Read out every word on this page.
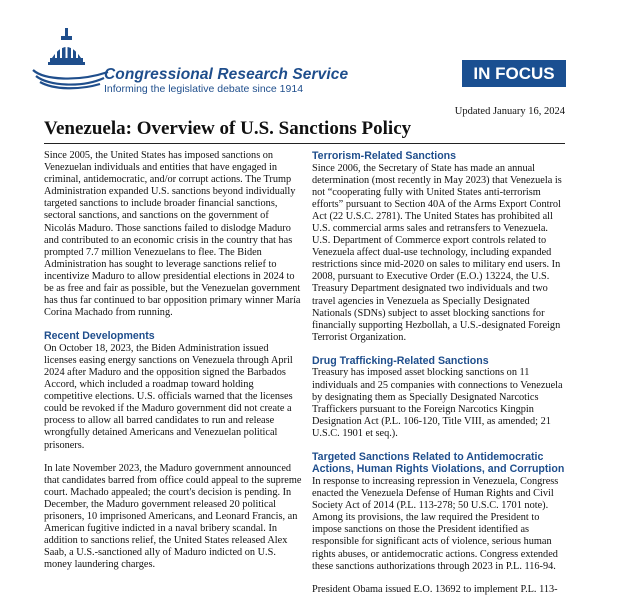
Congressional Research Service
Informing the legislative debate since 1914
IN FOCUS
Updated January 16, 2024
Venezuela: Overview of U.S. Sanctions Policy

Since 2005, the United States has imposed sanctions on Venezuelan individuals and entities that have engaged in criminal, antidemocratic, and/or corrupt actions. The Trump Administration expanded U.S. sanctions beyond individually targeted sanctions to include broader financial sanctions, sectoral sanctions, and sanctions on the government of Nicolás Maduro. Those sanctions failed to dislodge Maduro and contributed to an economic crisis in the country that has prompted 7.7 million Venezuelans to flee. The Biden Administration has sought to leverage sanctions relief to incentivize Maduro to allow presidential elections in 2024 to be as free and fair as possible, but the Venezuelan government has thus far continued to bar opposition primary winner María Corina Machado from running.

Recent Developments

On October 18, 2023, the Biden Administration issued licenses easing energy sanctions on Venezuela through April 2024 after Maduro and the opposition signed the Barbados Accord, which included a roadmap toward holding competitive elections. U.S. officials warned that the licenses could be revoked if the Maduro government did not create a process to allow all barred candidates to run and release wrongfully detained Americans and Venezuelan political prisoners.

In late November 2023, the Maduro government announced that candidates barred from office could appeal to the supreme court. Machado appealed; the court's decision is pending. In December, the Maduro government released 20 political prisoners, 10 imprisoned Americans, and Leonard Francis, an American fugitive indicted in a naval bribery scandal. In addition to sanctions relief, the United States released Alex Saab, a U.S.-sanctioned ally of Maduro indicted on U.S. money laundering charges.

Terrorism-Related Sanctions

Since 2006, the Secretary of State has made an annual determination (most recently in May 2023) that Venezuela is not “cooperating fully with United States anti-terrorism efforts” pursuant to Section 40A of the Arms Export Control Act (22 U.S.C. 2781). The United States has prohibited all U.S. commercial arms sales and retransfers to Venezuela. U.S. Department of Commerce export controls related to Venezuela affect dual-use technology, including expanded restrictions since mid-2020 on sales to military end users. In 2008, pursuant to Executive Order (E.O.) 13224, the U.S. Treasury Department designated two individuals and two travel agencies in Venezuela as Specially Designated Nationals (SDNs) subject to asset blocking sanctions for financially supporting Hezbollah, a U.S.-designated Foreign Terrorist Organization.

Drug Trafficking-Related Sanctions

Treasury has imposed asset blocking sanctions on 11 individuals and 25 companies with connections to Venezuela by designating them as Specially Designated Narcotics Traffickers pursuant to the Foreign Narcotics Kingpin Designation Act (P.L. 106-120, Title VIII, as amended; 21 U.S.C. 1901 et seq.).

Targeted Sanctions Related to Antidemocratic Actions, Human Rights Violations, and Corruption

In response to increasing repression in Venezuela, Congress enacted the Venezuela Defense of Human Rights and Civil Society Act of 2014 (P.L. 113-278; 50 U.S.C. 1701 note). Among its provisions, the law required the President to impose sanctions on those the President identified as responsible for significant acts of violence, serious human rights abuses, or antidemocratic actions. Congress extended these sanctions authorizations through 2023 in P.L. 116-94.

President Obama issued E.O. 13692 to implement P.L. 113-
